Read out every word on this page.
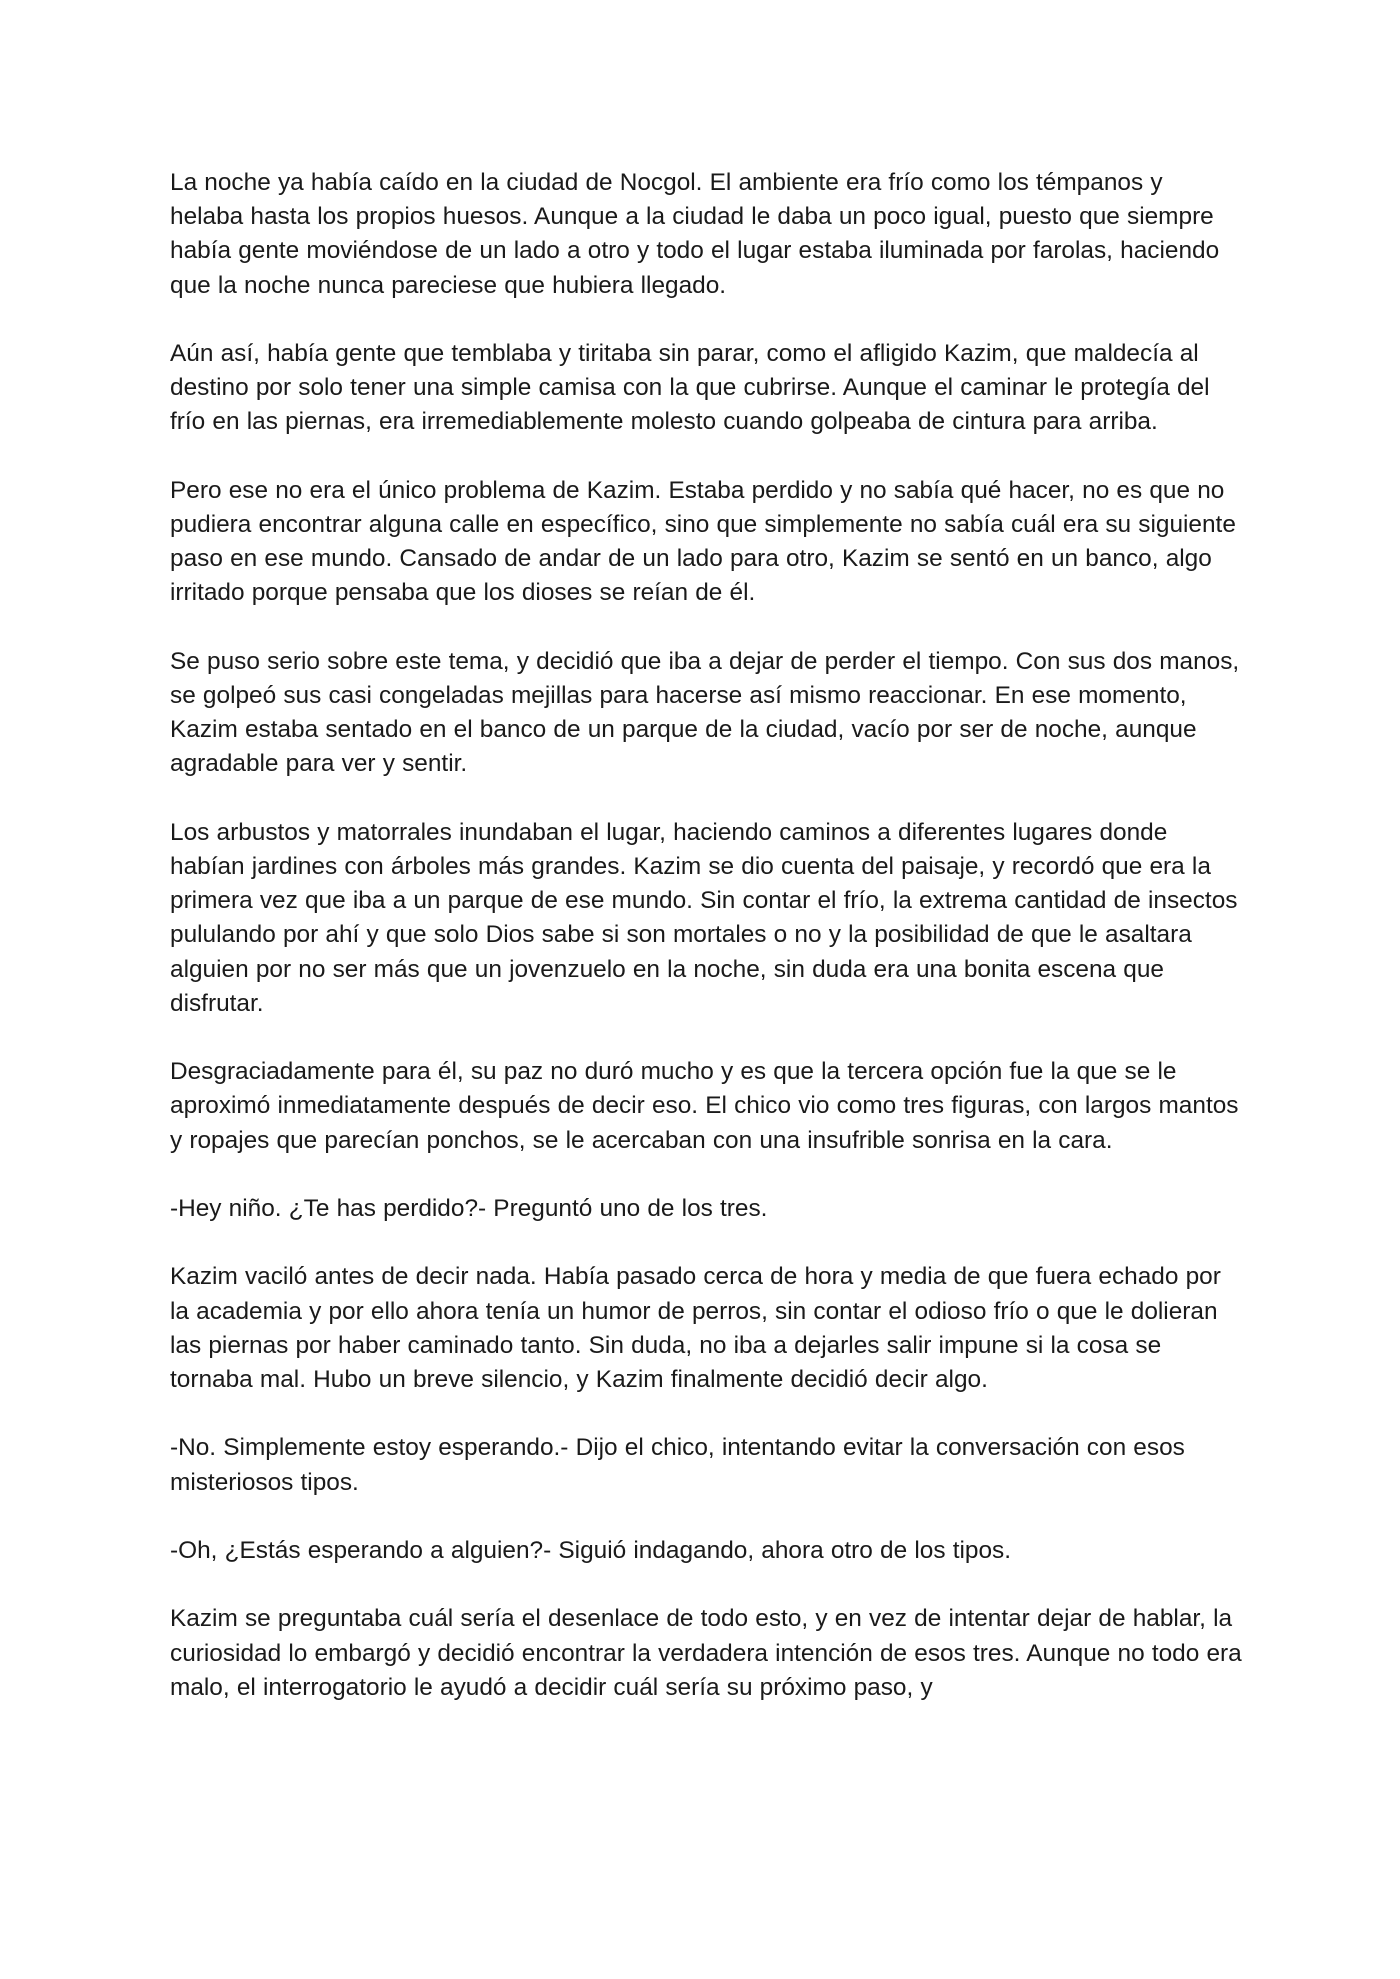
La noche ya había caído en la ciudad de Nocgol. El ambiente era frío como los témpanos y helaba hasta los propios huesos. Aunque a la ciudad le daba un poco igual, puesto que siempre había gente moviéndose de un lado a otro y todo el lugar estaba iluminada por farolas, haciendo que la noche nunca pareciese que hubiera llegado.

Aún así, había gente que temblaba y tiritaba sin parar, como el afligido Kazim, que maldecía al destino por solo tener una simple camisa con la que cubrirse. Aunque el caminar le protegía del frío en las piernas, era irremediablemente molesto cuando golpeaba de cintura para arriba.

Pero ese no era el único problema de Kazim. Estaba perdido y no sabía qué hacer, no es que no pudiera encontrar alguna calle en específico, sino que simplemente no sabía cuál era su siguiente paso en ese mundo. Cansado de andar de un lado para otro, Kazim se sentó en un banco, algo irritado porque pensaba que los dioses se reían de él.

Se puso serio sobre este tema, y decidió que iba a dejar de perder el tiempo. Con sus dos manos, se golpeó sus casi congeladas mejillas para hacerse así mismo reaccionar. En ese momento, Kazim estaba sentado en el banco de un parque de la ciudad, vacío por ser de noche, aunque agradable para ver y sentir.

Los arbustos y matorrales inundaban el lugar, haciendo caminos a diferentes lugares donde habían jardines con árboles más grandes. Kazim se dio cuenta del paisaje, y recordó que era la primera vez que iba a un parque de ese mundo. Sin contar el frío, la extrema cantidad de insectos pululando por ahí y que solo Dios sabe si son mortales o no y la posibilidad de que le asaltara alguien por no ser más que un jovenzuelo en la noche, sin duda era una bonita escena que disfrutar.

Desgraciadamente para él, su paz no duró mucho y es que la tercera opción fue la que se le aproximó inmediatamente después de decir eso. El chico vio como tres figuras, con largos mantos y ropajes que parecían ponchos, se le acercaban con una insufrible sonrisa en la cara.

-Hey niño. ¿Te has perdido?- Preguntó uno de los tres.

Kazim vaciló antes de decir nada. Había pasado cerca de hora y media de que fuera echado por la academia y por ello ahora tenía un humor de perros, sin contar el odioso frío o que le dolieran las piernas por haber caminado tanto. Sin duda, no iba a dejarles salir impune si la cosa se tornaba mal. Hubo un breve silencio, y Kazim finalmente decidió decir algo.

-No. Simplemente estoy esperando.- Dijo el chico, intentando evitar la conversación con esos misteriosos tipos.

-Oh, ¿Estás esperando a alguien?- Siguió indagando, ahora otro de los tipos.

Kazim se preguntaba cuál sería el desenlace de todo esto, y en vez de intentar dejar de hablar, la curiosidad lo embargó y decidió encontrar la verdadera intención de esos tres. Aunque no todo era malo, el interrogatorio le ayudó a decidir cuál sería su próximo paso, y
